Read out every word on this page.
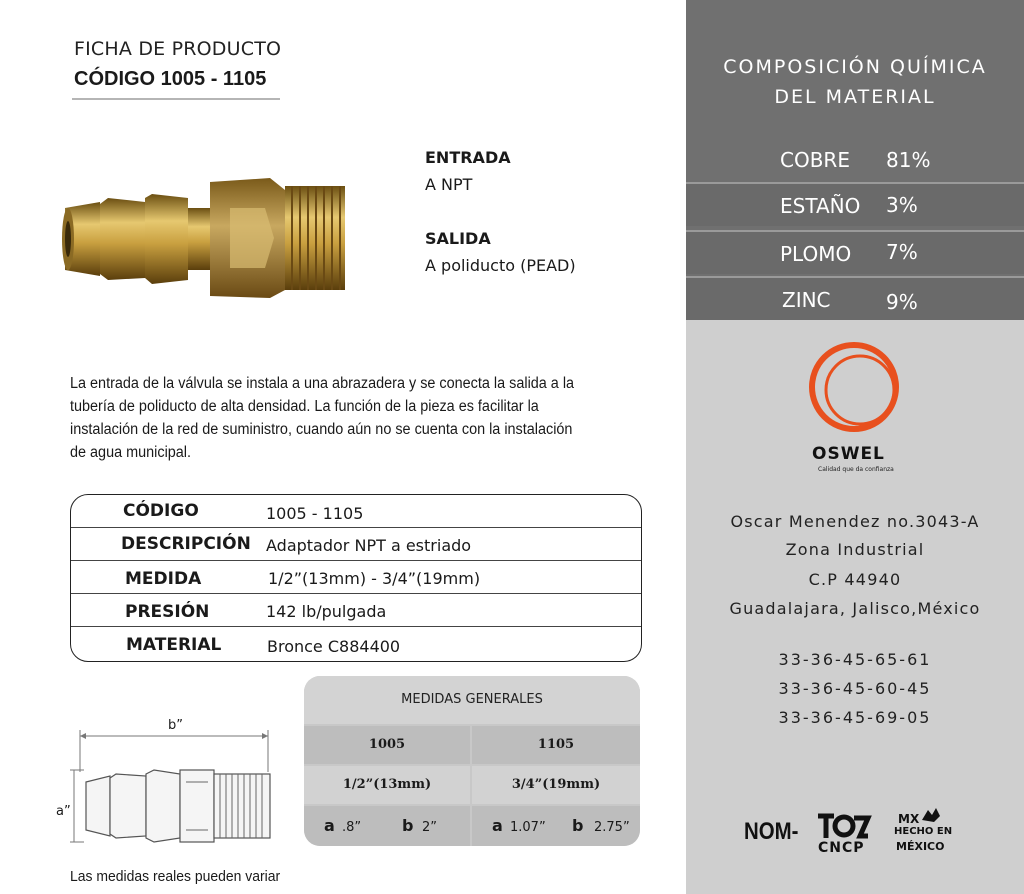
FICHA DE PRODUCTO
CÓDIGO 1005 - 1105
ENTRADA
A NPT
SALIDA
A poliducto (PEAD)
La entrada de la válvula se instala a una abrazadera y se conecta la salida a la tubería de poliducto de alta densidad. La función de la pieza es facilitar la instalación de la red de suministro, cuando aún no se cuenta con la instalación de agua municipal.
CÓDIGO	1005 - 1105
DESCRIPCIÓN Adaptador NPT a estriado
MEDIDA	1/2”(13mm) - 3/4”(19mm)
PRESIÓN	142 lb/pulgada
MATERIAL	Bronce C884400
b”
a”
MEDIDAS GENERALES
1005	1105
1/2”(13mm)	3/4”(19mm)
a .8”	b 2”	a 1.07” b 2.75”
Las medidas reales pueden variar
COMPOSICIÓN QUÍMICA
DEL MATERIAL
COBRE 81%
ESTAÑO 3%
PLOMO 7%
ZINC	9%
OSWEL
Calidad que da confianza
Oscar Menendez no.3043-A
Zona Industrial
C.P 44940
Guadalajara, Jalisco,México
33-36-45-65-61
33-36-45-60-45
33-36-45-69-05
NOM-
CNCP
MX
HECHO EN
MÉXICO
